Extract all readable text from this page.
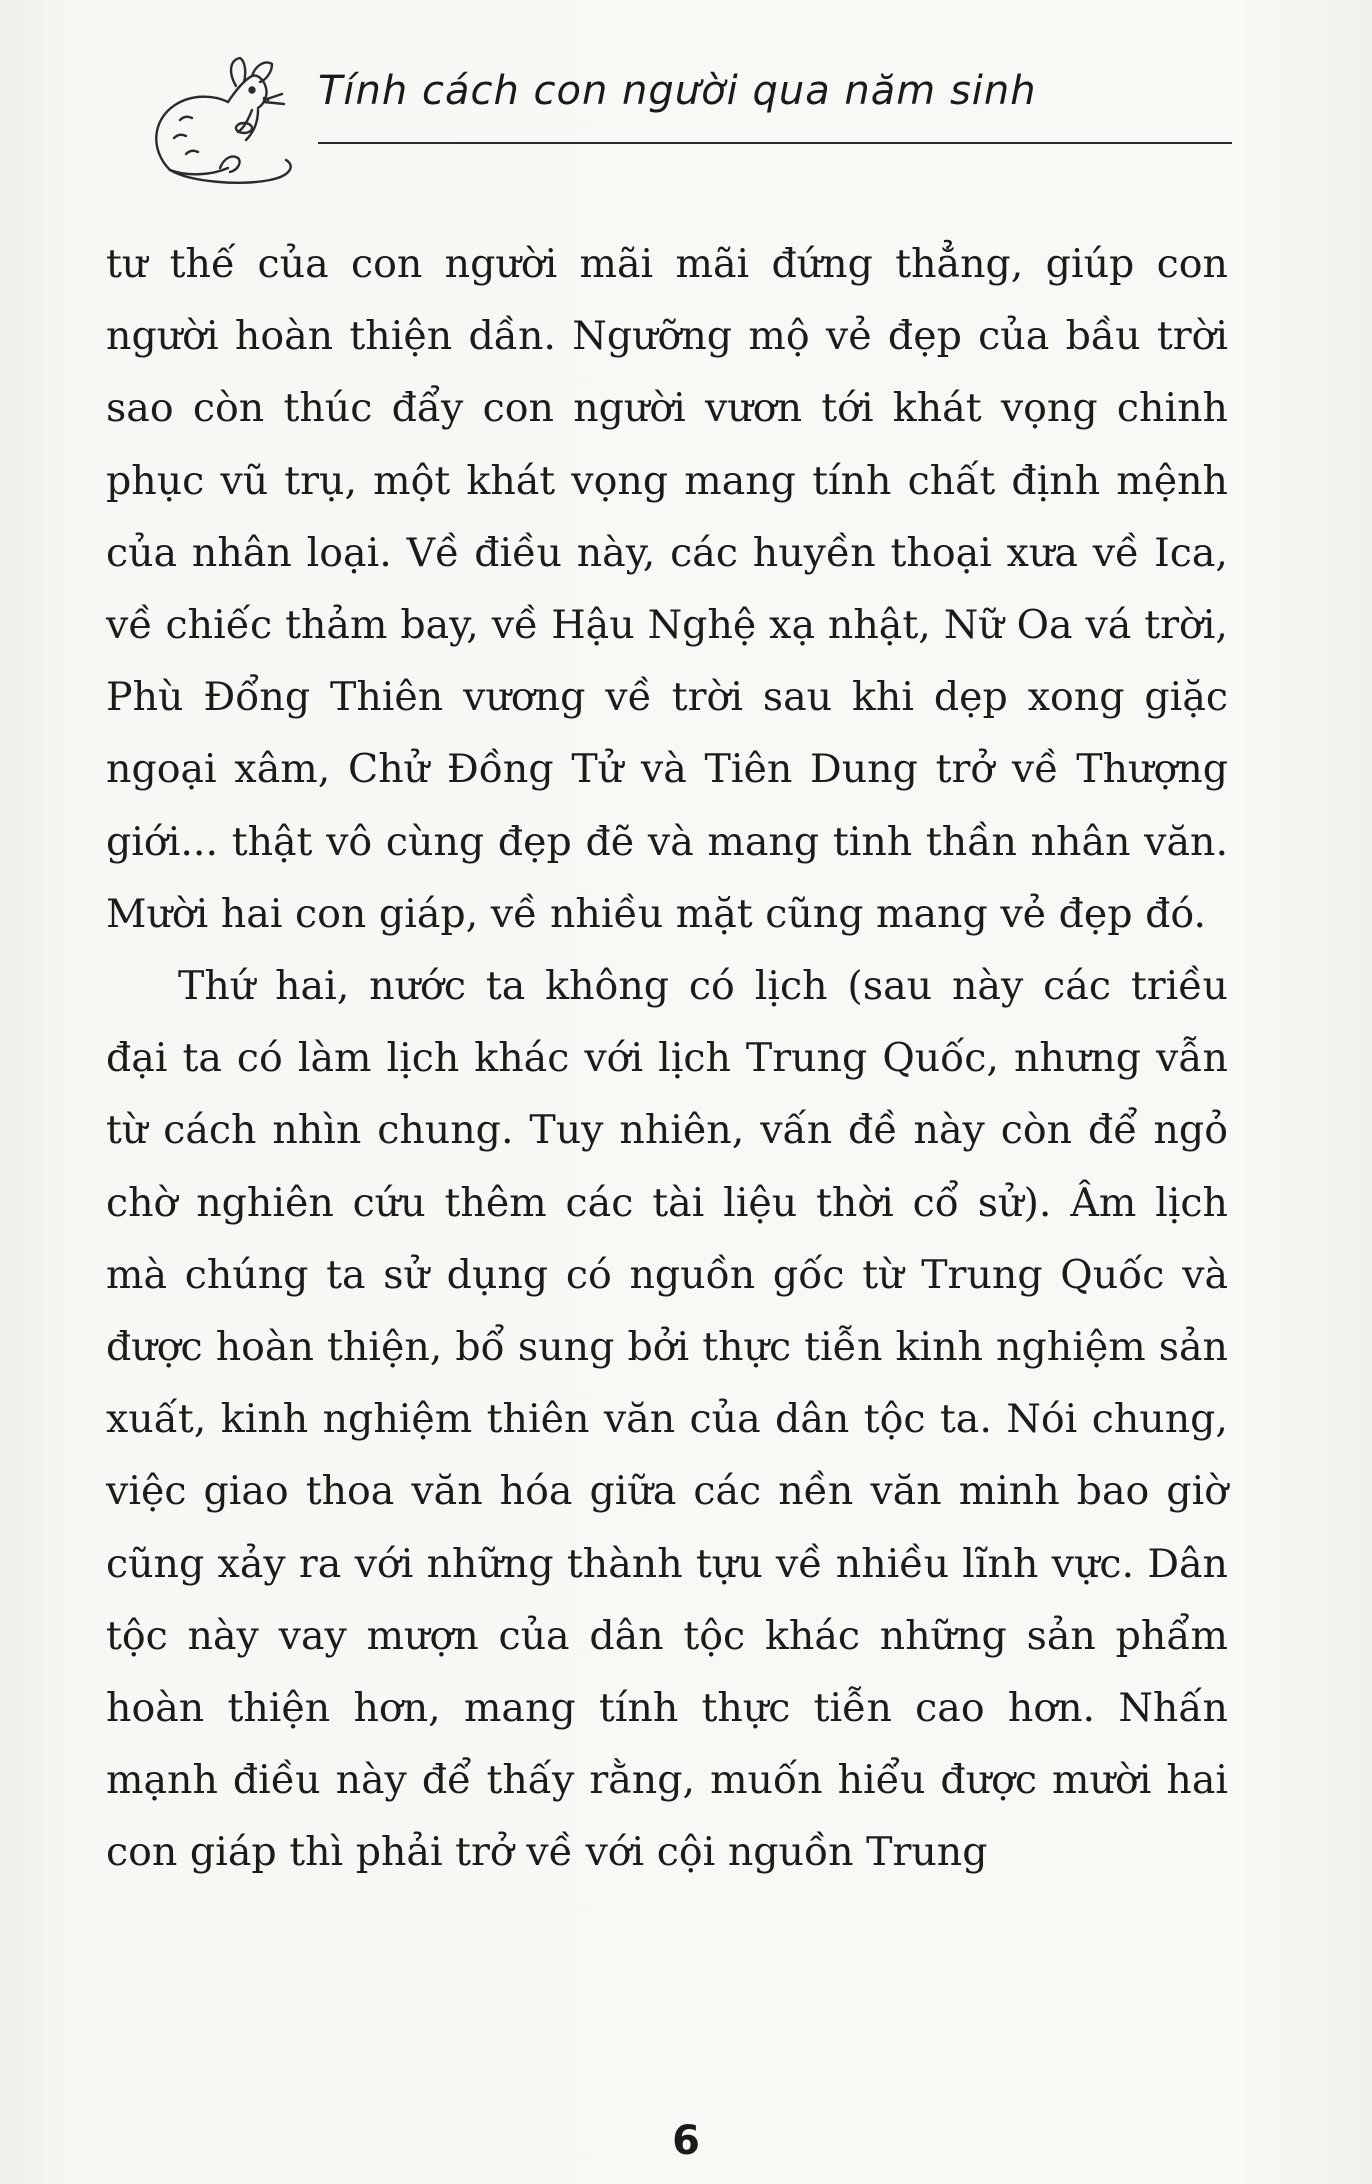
Tính cách con người qua năm sinh

tư thế của con người mãi mãi đứng thẳng, giúp con người hoàn thiện dần. Ngưỡng mộ vẻ đẹp của bầu trời sao còn thúc đẩy con người vươn tới khát vọng chinh phục vũ trụ, một khát vọng mang tính chất định mệnh của nhân loại. Về điều này, các huyền thoại xưa về Ica, về chiếc thảm bay, về Hậu Nghệ xạ nhật, Nữ Oa vá trời, Phù Đổng Thiên vương về trời sau khi dẹp xong giặc ngoại xâm, Chử Đồng Tử và Tiên Dung trở về Thượng giới... thật vô cùng đẹp đẽ và mang tinh thần nhân văn. Mười hai con giáp, về nhiều mặt cũng mang vẻ đẹp đó.

Thứ hai, nước ta không có lịch (sau này các triều đại ta có làm lịch khác với lịch Trung Quốc, nhưng vẫn từ cách nhìn chung. Tuy nhiên, vấn đề này còn để ngỏ chờ nghiên cứu thêm các tài liệu thời cổ sử). Âm lịch mà chúng ta sử dụng có nguồn gốc từ Trung Quốc và được hoàn thiện, bổ sung bởi thực tiễn kinh nghiệm sản xuất, kinh nghiệm thiên văn của dân tộc ta. Nói chung, việc giao thoa văn hóa giữa các nền văn minh bao giờ cũng xảy ra với những thành tựu về nhiều lĩnh vực. Dân tộc này vay mượn của dân tộc khác những sản phẩm hoàn thiện hơn, mang tính thực tiễn cao hơn. Nhấn mạnh điều này để thấy rằng, muốn hiểu được mười hai con giáp thì phải trở về với cội nguồn Trung

6
